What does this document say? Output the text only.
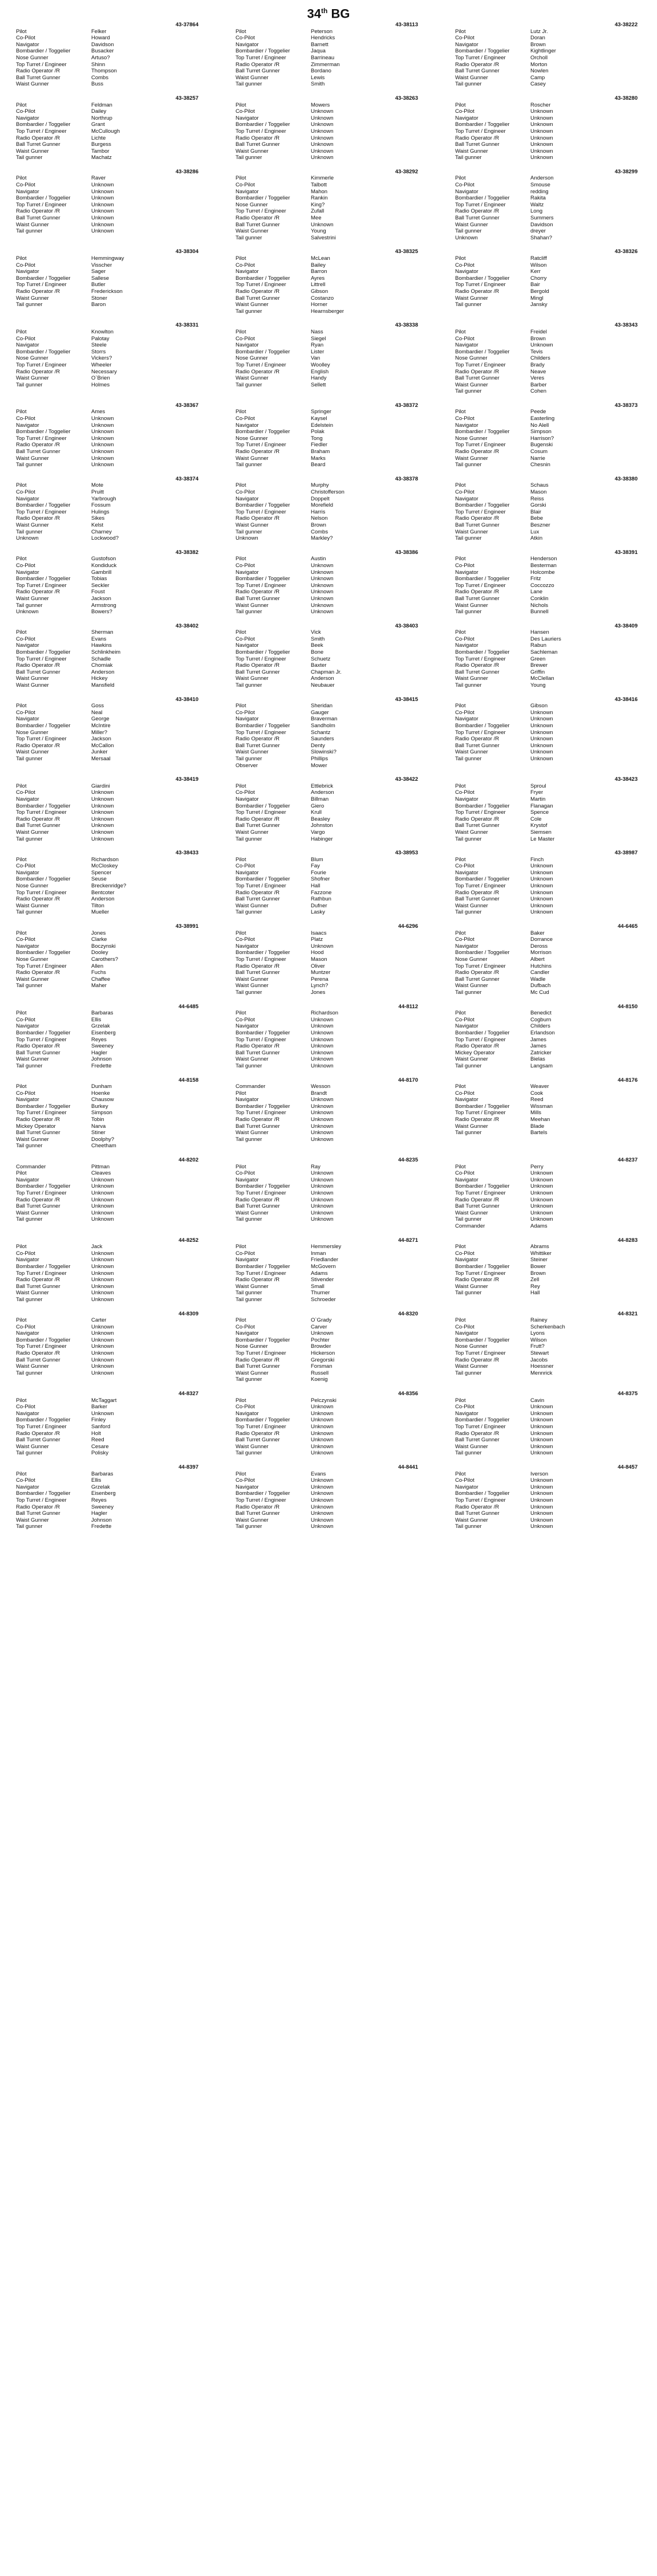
34th BG
43-37864
Pilot	Felker
Co-Pilot	Howard
Navigator	Davidson
Bombardier / Toggelier	Busacker
Nose Gunner	Artuso?
Top Turret / Engineer	Shinn
Radio Operator /R	Thompson
Ball Turret Gunner	Combs
Waist Gunner	Buss
43-38113
Pilot	Peterson
Co-Pilot	Hendricks
Navigator	Barnett
Bombardier / Toggelier	Jaqua
Top Turret / Engineer	Barrineau
Radio Operator /R	Zimmerman
Ball Turret Gunner	Bordano
Waist Gunner	Lewis
Tail gunner	Smith
43-38222
Pilot	Lutz Jr.
Co-Pilot	Doran
Navigator	Brown
Bombardier / Toggelier	Kightlinger
Top Turret / Engineer	Orcholl
Radio Operator /R	Morton
Ball Turret Gunner	Nowlen
Waist Gunner	Camp
Tail gunner	Casey
43-38257
Pilot	Feldman
Co-Pilot	Dailey
Navigator	Northrup
Bombardier / Toggelier	Grant
Top Turret / Engineer	McCullough
Radio Operator /R	Lichte
Ball Turret Gunner	Burgess
Waist Gunner	Tambor
Tail gunner	Machatz
43-38263
Pilot	Mowers
Co-Pilot	Unknown
Navigator	Unknown
Bombardier / Toggelier	Unknown
Top Turret / Engineer	Unknown
Radio Operator /R	Unknown
Ball Turret Gunner	Unknown
Waist Gunner	Unknown
Tail gunner	Unknown
43-38280
Pilot	Roscher
Co-Pilot	Unknown
Navigator	Unknown
Bombardier / Toggelier	Unknown
Top Turret / Engineer	Unknown
Radio Operator /R	Unknown
Ball Turret Gunner	Unknown
Waist Gunner	Unknown
Tail gunner	Unknown
43-38286
Pilot	Raver
Co-Pilot	Unknown
Navigator	Unknown
Bombardier / Toggelier	Unknown
Top Turret / Engineer	Unknown
Radio Operator /R	Unknown
Ball Turret Gunner	Unknown
Waist Gunner	Unknown
Tail gunner	Unknown
43-38292
Pilot	Kimmerle
Co-Pilot	Talbott
Navigator	Mahon
Bombardier / Toggelier	Rankin
Nose Gunner	King?
Top Turret / Engineer	Zufall
Radio Operator /R	Mee
Ball Turret Gunner	Unknown
Waist Gunner	Young
Tail gunner	Salvestrini
43-38299
Pilot	Anderson
Co-Pilot	Smouse
Navigator	redding
Bombardier / Toggelier	Rakita
Top Turret / Engineer	Waltz
Radio Operator /R	Long
Ball Turret Gunner	Summers
Waist Gunner	Davidson
Tail gunner	dreyer
Unknown	Shahan?
43-38304
Pilot	Hemmingway
Co-Pilot	Visscher
Navigator	Sager
Bombardier / Toggelier	Sallese
Top Turret / Engineer	Butler
Radio Operator /R	Frederickson
Waist Gunner	Stoner
Tail gunner	Baron
43-38325
Pilot	McLean
Co-Pilot	Bailey
Navigator	Barron
Bombardier / Toggelier	Ayres
Top Turret / Engineer	Littrell
Radio Operator /R	Gibson
Ball Turret Gunner	Costanzo
Waist Gunner	Horner
Tail gunner	Hearnsberger
43-38326
Pilot	Ratcliff
Co-Pilot	Wilson
Navigator	Kerr
Bombardier / Toggelier	Chorry
Top Turret / Engineer	Bair
Radio Operator /R	Bergold
Waist Gunner	Mingl
Tail gunner	Jansky
43-38331
Pilot	Knowlton
Co-Pilot	Palotay
Navigator	Steele
Bombardier / Toggelier	Storrs
Nose Gunner	Vickers?
Top Turret / Engineer	Wheeler
Radio Operator /R	Necessary
Waist Gunner	O`Brien
Tail gunner	Holmes
43-38338
Pilot	Nass
Co-Pilot	Siegel
Navigator	Ryan
Bombardier / Toggelier	Lister
Nose Gunner	Van
Top Turret / Engineer	Woolley
Radio Operator /R	English
Waist Gunner	Handy
Tail gunner	Sellett
43-38343
Pilot	Freidel
Co-Pilot	Brown
Navigator	Unknown
Bombardier / Toggelier	Tevis
Nose Gunner	Childers
Top Turret / Engineer	Brady
Radio Operator /R	Neave
Ball Turret Gunner	Veres
Waist Gunner	Barber
Tail gunner	Cohen
43-38367
Pilot	Ames
Co-Pilot	Unknown
Navigator	Unknown
Bombardier / Toggelier	Unknown
Top Turret / Engineer	Unknown
Radio Operator /R	Unknown
Ball Turret Gunner	Unknown
Waist Gunner	Unknown
Tail gunner	Unknown
43-38372
Pilot	Springer
Co-Pilot	Kaysel
Navigator	Edelstein
Bombardier / Toggelier	Polak
Nose Gunner	Tong
Top Turret / Engineer	Fiedler
Radio Operator /R	Braham
Waist Gunner	Marks
Tail gunner	Beard
43-38373
Pilot	Peede
Co-Pilot	Easterling
Navigator	No Alell
Bombardier / Toggelier	Simpson
Nose Gunner	Harrison?
Top Turret / Engineer	Bugenski
Radio Operator /R	Cosum
Waist Gunner	Narrie
Tail gunner	Chesnin
43-38374
Pilot	Mote
Co-Pilot	Pruitt
Navigator	Yarbrough
Bombardier / Toggelier	Fossum
Top Turret / Engineer	Hulings
Radio Operator /R	Sikes
Waist Gunner	Kelst
Tail gunner	Charney
Unknown	Lockwood?
43-38378
Pilot	Murphy
Co-Pilot	Christofferson
Navigator	Doppelt
Bombardier / Toggelier	Morefield
Top Turret / Engineer	Harris
Radio Operator /R	Nelson
Waist Gunner	Brown
Tail gunner	Combs
Unknown	Markley?
43-38380
Pilot	Schaus
Co-Pilot	Mason
Navigator	Reiss
Bombardier / Toggelier	Gorski
Top Turret / Engineer	Blair
Radio Operator /R	Bebe
Ball Turret Gunner	Beszner
Waist Gunner	Lux
Tail gunner	Atkin
43-38382
Pilot	Gustofson
Co-Pilot	Kondiduck
Navigator	Gambrill
Bombardier / Toggelier	Tobias
Top Turret / Engineer	Seckler
Radio Operator /R	Foust
Waist Gunner	Jackson
Tail gunner	Armstrong
Unknown	Bowers?
43-38386
Pilot	Austin
Co-Pilot	Unknown
Navigator	Unknown
Bombardier / Toggelier	Unknown
Top Turret / Engineer	Unknown
Radio Operator /R	Unknown
Ball Turret Gunner	Unknown
Waist Gunner	Unknown
Tail gunner	Unknown
43-38391
Pilot	Henderson
Co-Pilot	Besterman
Navigator	Holcombe
Bombardier / Toggelier	Fritz
Top Turret / Engineer	Coccozzo
Radio Operator /R	Lane
Ball Turret Gunner	Conklin
Waist Gunner	Nichols
Tail gunner	Bunnell
43-38402
Pilot	Sherman
Co-Pilot	Evans
Navigator	Hawkins
Bombardier / Toggelier	Schlinkheim
Top Turret / Engineer	Schadle
Radio Operator /R	Chomiak
Ball Turret Gunner	Anderson
Waist Gunner	Hickey
Waist Gunner	Mansfield
43-38403
Pilot	Vick
Co-Pilot	Smith
Navigator	Beek
Bombardier / Toggelier	Bone
Top Turret / Engineer	Schuetz
Radio Operator /R	Baxter
Ball Turret Gunner	Chapman Jr.
Waist Gunner	Anderson
Tail gunner	Neubauer
43-38409
Pilot	Hansen
Co-Pilot	Des Lauriers
Navigator	Rabun
Bombardier / Toggelier	Sachleman
Top Turret / Engineer	Green
Radio Operator /R	Brewer
Ball Turret Gunner	Griffin
Waist Gunner	McClellan
Tail gunner	Young
43-38410
Pilot	Goss
Co-Pilot	Neal
Navigator	George
Bombardier / Toggelier	McIntire
Nose Gunner	Miller?
Top Turret / Engineer	Jackson
Radio Operator /R	McCallon
Waist Gunner	Junker
Tail gunner	Mersaal
43-38415
Pilot	Sheridan
Co-Pilot	Gauger
Navigator	Braverman
Bombardier / Toggelier	Sandholm
Top Turret / Engineer	Schantz
Radio Operator /R	Saunders
Ball Turret Gunner	Denty
Waist Gunner	Slowinski?
Tail gunner	Phillips
Observer	Mower
43-38416
Pilot	Gibson
Co-Pilot	Unknown
Navigator	Unknown
Bombardier / Toggelier	Unknown
Top Turret / Engineer	Unknown
Radio Operator /R	Unknown
Ball Turret Gunner	Unknown
Waist Gunner	Unknown
Tail gunner	Unknown
43-38419
Pilot	Giardini
Co-Pilot	Unknown
Navigator	Unknown
Bombardier / Toggelier	Unknown
Top Turret / Engineer	Unknown
Radio Operator /R	Unknown
Ball Turret Gunner	Unknown
Waist Gunner	Unknown
Tail gunner	Unknown
43-38422
Pilot	Ettlebrick
Co-Pilot	Anderson
Navigator	Billman
Bombardier / Toggelier	Giero
Top Turret / Engineer	Krull
Radio Operator /R	Beasley
Ball Turret Gunner	Johnston
Waist Gunner	Vargo
Tail gunner	Habinger
43-38423
Pilot	Sproul
Co-Pilot	Fryer
Navigator	Martin
Bombardier / Toggelier	Flanagan
Top Turret / Engineer	Spence
Radio Operator /R	Cole
Ball Turret Gunner	Krystof
Waist Gunner	Siemsen
Tail gunner	Le Master
43-38433
Pilot	Richardson
Co-Pilot	McCloskey
Navigator	Spencer
Bombardier / Toggelier	Seuse
Nose Gunner	Breckenridge?
Top Turret / Engineer	Bentcoter
Radio Operator /R	Anderson
Waist Gunner	Tilton
Tail gunner	Mueller
43-38953
Pilot	Blum
Co-Pilot	Fay
Navigator	Fourie
Bombardier / Toggelier	Shofner
Top Turret / Engineer	Hall
Radio Operator /R	Fazzone
Ball Turret Gunner	Rathbun
Waist Gunner	Dufner
Tail gunner	Lasky
43-38987
Pilot	Finch
Co-Pilot	Unknown
Navigator	Unknown
Bombardier / Toggelier	Unknown
Top Turret / Engineer	Unknown
Radio Operator /R	Unknown
Ball Turret Gunner	Unknown
Waist Gunner	Unknown
Tail gunner	Unknown
43-38991
Pilot	Jones
Co-Pilot	Clarke
Navigator	Boczynski
Bombardier / Toggelier	Dooley
Nose Gunner	Carothers?
Top Turret / Engineer	Allen
Radio Operator /R	Fuchs
Waist Gunner	Chaffee
Tail gunner	Maher
44-6296
Pilot	Isaacs
Co-Pilot	Platz
Navigator	Unknown
Bombardier / Toggelier	Hood
Top Turret / Engineer	Mason
Radio Operator /R	Oliver
Ball Turret Gunner	Muntzer
Waist Gunner	Perena
Waist Gunner	Lynch?
Tail gunner	Jones
44-6465
Pilot	Baker
Co-Pilot	Dorrance
Navigator	Deross
Bombardier / Toggelier	Morrison
Nose Gunner	Albert
Top Turret / Engineer	Hutchins
Radio Operator /R	Candler
Ball Turret Gunner	Wadle
Waist Gunner	Dufbach
Tail gunner	Mc Cud
44-6485
Pilot	Barbaras
Co-Pilot	Ellis
Navigator	Grzelak
Bombardier / Toggelier	Eisenberg
Top Turret / Engineer	Reyes
Radio Operator /R	Sweeney
Ball Turret Gunner	Hagler
Waist Gunner	Johnson
Tail gunner	Fredette
44-8112
Pilot	Richardson
Co-Pilot	Unknown
Navigator	Unknown
Bombardier / Toggelier	Unknown
Top Turret / Engineer	Unknown
Radio Operator /R	Unknown
Ball Turret Gunner	Unknown
Waist Gunner	Unknown
Tail gunner	Unknown
44-8150
Pilot	Benedict
Co-Pilot	Cogburn
Navigator	Childers
Bombardier / Toggelier	Erlandson
Top Turret / Engineer	James
Radio Operator /R	James
Mickey Operator	Zatricker
Waist Gunner	Bielas
Tail gunner	Langsam
44-8158
Pilot	Dunham
Co-Pilot	Hoenke
Navigator	Chausow
Bombardier / Toggelier	Burkey
Top Turret / Engineer	Simpson
Radio Operator /R	Tobin
Mickey Operator	Narva
Ball Turret Gunner	Stiner
Waist Gunner	Doolphy?
Tail gunner	Cheetham
44-8170
Commander	Wesson
Pilot	Brandt
Navigator	Unknown
Bombardier / Toggelier	Unknown
Top Turret / Engineer	Unknown
Radio Operator /R	Unknown
Ball Turret Gunner	Unknown
Waist Gunner	Unknown
Tail gunner	Unknown
44-8176
Pilot	Weaver
Co-Pilot	Cook
Navigator	Reed
Bombardier / Toggelier	Wissman
Top Turret / Engineer	Mills
Radio Operator /R	Meehan
Waist Gunner	Blade
Tail gunner	Bartels
44-8202
Commander	Pittman
Pilot	Cleaves
Navigator	Unknown
Bombardier / Toggelier	Unknown
Top Turret / Engineer	Unknown
Radio Operator /R	Unknown
Ball Turret Gunner	Unknown
Waist Gunner	Unknown
Tail gunner	Unknown
44-8235
Pilot	Ray
Co-Pilot	Unknown
Navigator	Unknown
Bombardier / Toggelier	Unknown
Top Turret / Engineer	Unknown
Radio Operator /R	Unknown
Ball Turret Gunner	Unknown
Waist Gunner	Unknown
Tail gunner	Unknown
44-8237
Pilot	Perry
Co-Pilot	Unknown
Navigator	Unknown
Bombardier / Toggelier	Unknown
Top Turret / Engineer	Unknown
Radio Operator /R	Unknown
Ball Turret Gunner	Unknown
Waist Gunner	Unknown
Tail gunner	Unknown
Commander	Adams
44-8252
Pilot	Jack
Co-Pilot	Unknown
Navigator	Unknown
Bombardier / Toggelier	Unknown
Top Turret / Engineer	Unknown
Radio Operator /R	Unknown
Ball Turret Gunner	Unknown
Waist Gunner	Unknown
Tail gunner	Unknown
44-8271
Pilot	Hemmersley
Co-Pilot	Inman
Navigator	Friedlander
Bombardier / Toggelier	McGovern
Top Turret / Engineer	Adams
Radio Operator /R	Stivender
Waist Gunner	Small
Tail gunner	Thurner
Tail gunner	Schroeder
44-8283
Pilot	Abrams
Co-Pilot	Whittiker
Navigator	Steiner
Bombardier / Toggelier	Bower
Top Turret / Engineer	Brown
Radio Operator /R	Zell
Waist Gunner	Rey
Tail gunner	Hall
44-8309
Pilot	Carter
Co-Pilot	Unknown
Navigator	Unknown
Bombardier / Toggelier	Unknown
Top Turret / Engineer	Unknown
Radio Operator /R	Unknown
Ball Turret Gunner	Unknown
Waist Gunner	Unknown
Tail gunner	Unknown
44-8320
Pilot	O`Grady
Co-Pilot	Carver
Navigator	Unknown
Bombardier / Toggelier	Pochter
Nose Gunner	Browder
Top Turret / Engineer	Hickerson
Radio Operator /R	Gregorski
Ball Turret Gunner	Forsman
Waist Gunner	Russell
Tail gunner	Koenig
44-8321
Pilot	Rainey
Co-Pilot	Scherkenbach
Navigator	Lyons
Bombardier / Toggelier	Wilson
Nose Gunner	Frutt?
Top Turret / Engineer	Stewart
Radio Operator /R	Jacobs
Waist Gunner	Hoessner
Tail gunner	Mennrick
44-8327
Pilot	McTaggart
Co-Pilot	Barker
Navigator	Unknown
Bombardier / Toggelier	Finley
Top Turret / Engineer	Sanford
Radio Operator /R	Holt
Ball Turret Gunner	Reed
Waist Gunner	Cesare
Tail gunner	Polisky
44-8356
Pilot	Pelczynski
Co-Pilot	Unknown
Navigator	Unknown
Bombardier / Toggelier	Unknown
Top Turret / Engineer	Unknown
Radio Operator /R	Unknown
Ball Turret Gunner	Unknown
Waist Gunner	Unknown
Tail gunner	Unknown
44-8375
Pilot	Cavin
Co-Pilot	Unknown
Navigator	Unknown
Bombardier / Toggelier	Unknown
Top Turret / Engineer	Unknown
Radio Operator /R	Unknown
Ball Turret Gunner	Unknown
Waist Gunner	Unknown
Tail gunner	Unknown
44-8397
Pilot	Barbaras
Co-Pilot	Ellis
Navigator	Grzelak
Bombardier / Toggelier	Eisenberg
Top Turret / Engineer	Reyes
Radio Operator /R	Sweeney
Ball Turret Gunner	Hagler
Waist Gunner	Johnson
Tail gunner	Fredette
44-8441
Pilot	Evans
Co-Pilot	Unknown
Navigator	Unknown
Bombardier / Toggelier	Unknown
Top Turret / Engineer	Unknown
Radio Operator /R	Unknown
Ball Turret Gunner	Unknown
Waist Gunner	Unknown
Tail gunner	Unknown
44-8457
Pilot	Iverson
Co-Pilot	Unknown
Navigator	Unknown
Bombardier / Toggelier	Unknown
Top Turret / Engineer	Unknown
Radio Operator /R	Unknown
Ball Turret Gunner	Unknown
Waist Gunner	Unknown
Tail gunner	Unknown
